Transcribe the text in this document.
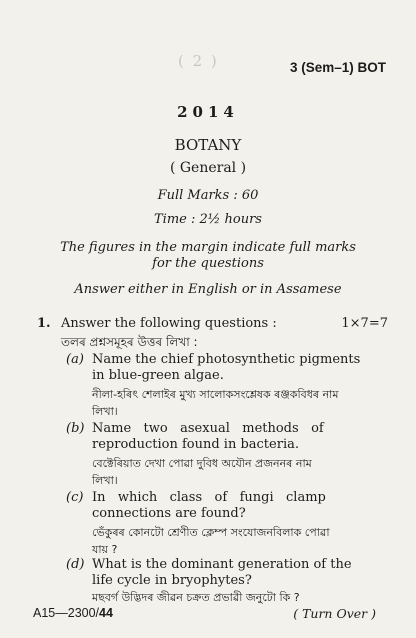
( 2 )	3 (Sem–1) BOT
2014
BOTANY
( General )
Full Marks : 60
Time : 2½ hours
The figures in the margin indicate full marks
for the questions
Answer either in English or in Assamese
1. Answer the following questions :	1×7=7
তলৰ প্ৰশ্নসমূহৰ উত্তৰ লিখা :
(a) Name the chief photosynthetic pigments
in blue-green algae.
নীলা-হৰিৎ শেলাইৰ মুখ্য সালোকসংশ্লেষক ৰঞ্জকবিধৰ নাম
লিখা।
(b) Name   two   asexual   methods   of
reproduction found in bacteria.
বেক্টেৰিয়াত দেখা পোৱা দুবিধ অযৌন প্ৰজননৰ নাম
লিখা।
(c) In   which   class   of   fungi   clamp
connections are found?
ভেঁকুৰৰ কোনটো শ্ৰেণীত ক্লেম্প সংযোজনবিলাক পোৱা
যায় ?
(d) What is the dominant generation of the
life cycle in bryophytes?
মছবৰ্গ উদ্ভিদৰ জীৱন চক্ৰত প্ৰভাৱী জনুটো কি ?
A15—2300/44	( Turn Over )
